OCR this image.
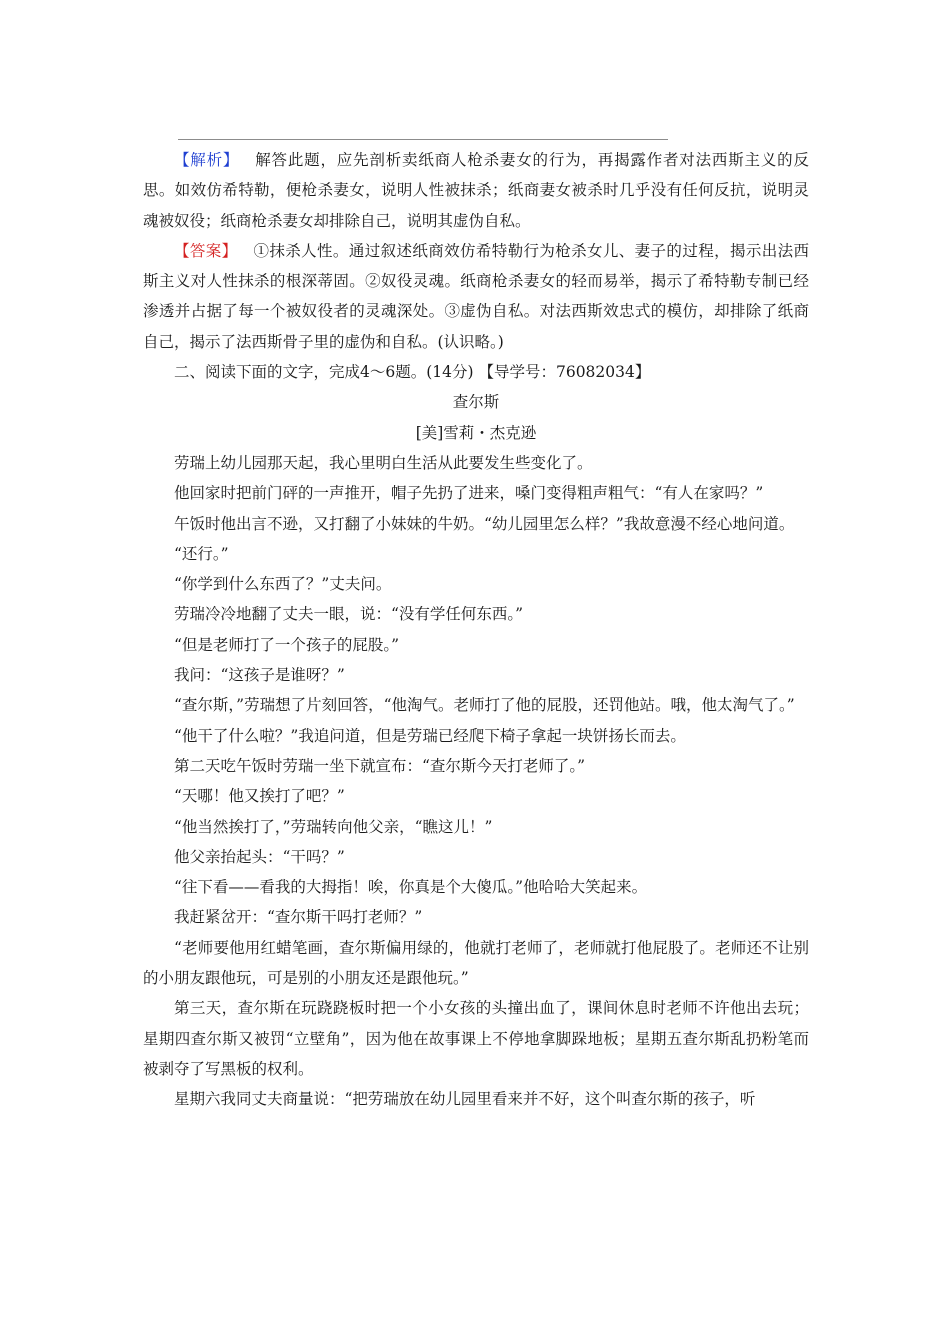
【解析】 解答此题，应先剖析卖纸商人枪杀妻女的行为，再揭露作者对法西斯主义的反思。如效仿希特勒，便枪杀妻女，说明人性被抹杀；纸商妻女被杀时几乎没有任何反抗，说明灵魂被奴役；纸商枪杀妻女却排除自己，说明其虚伪自私。

【答案】 ①抹杀人性。通过叙述纸商效仿希特勒行为枪杀女儿、妻子的过程，揭示出法西斯主义对人性抹杀的根深蒂固。②奴役灵魂。纸商枪杀妻女的轻而易举，揭示了希特勒专制已经渗透并占据了每一个被奴役者的灵魂深处。③虚伪自私。对法西斯效忠式的模仿，却排除了纸商自己，揭示了法西斯骨子里的虚伪和自私。(认识略。)

二、阅读下面的文字，完成4～6题。(14分) 【导学号：76082034】

查尔斯

[美]雪莉・杰克逊

劳瑞上幼儿园那天起，我心里明白生活从此要发生些变化了。

他回家时把前门砰的一声推开，帽子先扔了进来，嗓门变得粗声粗气：“有人在家吗？”

午饭时他出言不逊，又打翻了小妹妹的牛奶。“幼儿园里怎么样？”我故意漫不经心地问道。

“还行。”

“你学到什么东西了？”丈夫问。

劳瑞冷冷地翻了丈夫一眼，说：“没有学任何东西。”

“但是老师打了一个孩子的屁股。”

我问：“这孩子是谁呀？”

“查尔斯，”劳瑞想了片刻回答，“他淘气。老师打了他的屁股，还罚他站。哦，他太淘气了。”

“他干了什么啦？”我追问道，但是劳瑞已经爬下椅子拿起一块饼扬长而去。

第二天吃午饭时劳瑞一坐下就宣布：“查尔斯今天打老师了。”

“天哪！他又挨打了吧？”

“他当然挨打了，”劳瑞转向他父亲，“瞧这儿！”

他父亲抬起头：“干吗？”

“往下看——看我的大拇指！唉，你真是个大傻瓜。”他哈哈大笑起来。

我赶紧岔开：“查尔斯干吗打老师？”

“老师要他用红蜡笔画，查尔斯偏用绿的，他就打老师了，老师就打他屁股了。老师还不让别的小朋友跟他玩，可是别的小朋友还是跟他玩。”

第三天，查尔斯在玩跷跷板时把一个小女孩的头撞出血了，课间休息时老师不许他出去玩；星期四查尔斯又被罚“立壁角”，因为他在故事课上不停地拿脚跺地板；星期五查尔斯乱扔粉笔而被剥夺了写黑板的权利。

星期六我同丈夫商量说：“把劳瑞放在幼儿园里看来并不好，这个叫查尔斯的孩子，听
